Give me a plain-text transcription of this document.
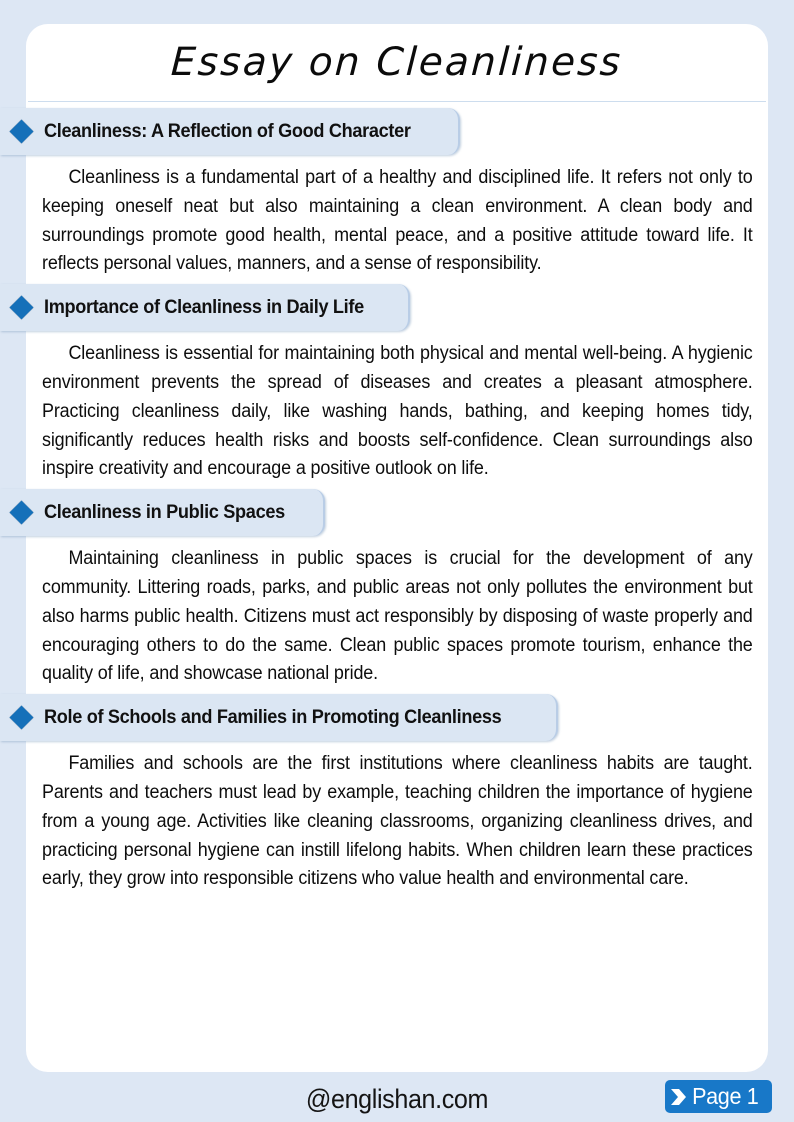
Essay on Cleanliness
Cleanliness: A Reflection of Good Character
Cleanliness is a fundamental part of a healthy and disciplined life. It refers not only to keeping oneself neat but also maintaining a clean environment. A clean body and surroundings promote good health, mental peace, and a positive attitude toward life. It reflects personal values, manners, and a sense of responsibility.
Importance of Cleanliness in Daily Life
Cleanliness is essential for maintaining both physical and mental well-being. A hygienic environment prevents the spread of diseases and creates a pleasant atmosphere. Practicing cleanliness daily, like washing hands, bathing, and keeping homes tidy, significantly reduces health risks and boosts self-confidence. Clean surroundings also inspire creativity and encourage a positive outlook on life.
Cleanliness in Public Spaces
Maintaining cleanliness in public spaces is crucial for the development of any community. Littering roads, parks, and public areas not only pollutes the environment but also harms public health. Citizens must act responsibly by disposing of waste properly and encouraging others to do the same. Clean public spaces promote tourism, enhance the quality of life, and showcase national pride.
Role of Schools and Families in Promoting Cleanliness
Families and schools are the first institutions where cleanliness habits are taught. Parents and teachers must lead by example, teaching children the importance of hygiene from a young age. Activities like cleaning classrooms, organizing cleanliness drives, and practicing personal hygiene can instill lifelong habits. When children learn these practices early, they grow into responsible citizens who value health and environmental care.
@englishan.com	Page 1
